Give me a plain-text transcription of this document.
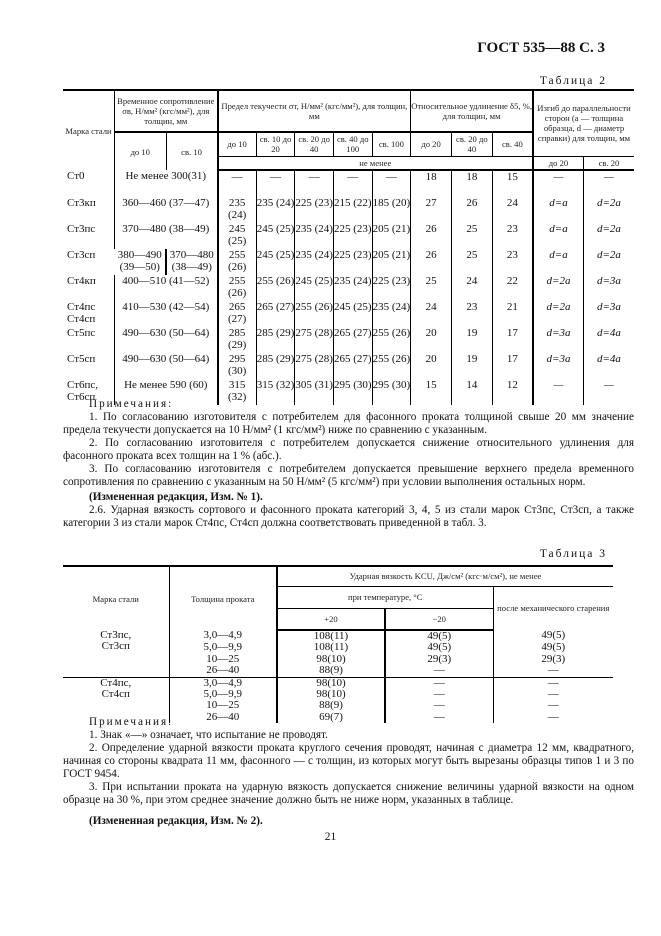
ГОСТ 535—88 С. 3
Таблица 2
Марка стали	Временное сопротивление σв, Н/мм² (кгс/мм²), для толщин, мм		Предел текучести σт, Н/мм² (кгс/мм²), для толщин, мм					Относительное удлинение δ5, %, для толщин, мм			Изгиб до параллельности сторон (a — толщина образца, d — диаметр справки) для толщин, мм	
	до 10	св. 10	до 10	св. 10 до 20	св. 20 до 40	св. 40 до 100	св. 100	до 20	св. 20 до 40	св. 40		
			не менее								до 20	св. 20
Ст0	Не менее 300(31)		—	—	—	—	—	18	18	15	—	—
Ст3кп	360—460 (37—47)		235 (24)	235 (24)	225 (23)	215 (22)	185 (20)	27	26	24	d=a	d=2a
Ст3пс	370—480 (38—49)		245 (25)	245 (25)	235 (24)	225 (23)	205 (21)	26	25	23	d=a	d=2a
Ст3сп	380—490 (39—50)	370—480 (38—49)	255 (26)	245 (25)	235 (24)	225 (23)	205 (21)	26	25	23	d=a	d=2a
Ст4кп	400—510 (41—52)		255 (26)	255 (26)	245 (25)	235 (24)	225 (23)	25	24	22	d=2a	d=3a
Ст4пс Ст4сп	410—530 (42—54)		265 (27)	265 (27)	255 (26)	245 (25)	235 (24)	24	23	21	d=2a	d=3a
Ст5пс	490—630 (50—64)		285 (29)	285 (29)	275 (28)	265 (27)	255 (26)	20	19	17	d=3a	d=4a
Ст5сп	490—630 (50—64)		295 (30)	285 (29)	275 (28)	265 (27)	255 (26)	20	19	17	d=3a	d=4a
Ст6пс, Ст6сп	Не менее 590 (60)		315 (32)	315 (32)	305 (31)	295 (30)	295 (30)	15	14	12	—	—

Примечания:

1. По согласованию изготовителя с потребителем для фасонного проката толщиной свыше 20 мм значение предела текучести допускается на 10 Н/мм² (1 кгс/мм²) ниже по сравнению с указанным.

2. По согласованию изготовителя с потребителем допускается снижение относительного удлинения для фасонного проката всех толщин на 1 % (абс.).

3. По согласованию изготовителя с потребителем допускается превышение верхнего предела временного сопротивления по сравнению с указанным на 50 Н/мм² (5 кгс/мм²) при условии выполнения остальных норм.

(Измененная редакция, Изм. № 1).

2.6. Ударная вязкость сортового и фасонного проката категорий 3, 4, 5 из стали марок Ст3пс, Ст3сп, а также категории 3 из стали марок Ст4пс, Ст4сп должна соответствовать приведенной в табл. 3.

Таблица 3
Марка стали	Толщина проката	Ударная вязкость KCU, Дж/см² (кгс·м/см²), не менее		
		при температуре, °С		после механического старения
		+20	−20	
Ст3пс, Ст3сп	3,0—4,9	108(11)	49(5)	49(5)
	5,0—9,9	108(11)	49(5)	49(5)
	10—25	98(10)	29(3)	29(3)
	26—40	88(9)	—	—
Ст4пс, Ст4сп	3,0—4,9	98(10)	—	—
	5,0—9,9	98(10)	—	—
	10—25	88(9)	—	—
	26—40	69(7)	—	—

Примечания:

1. Знак «—» означает, что испытание не проводят.

2. Определение ударной вязкости проката круглого сечения проводят, начиная с диаметра 12 мм, квадратного, начиная со стороны квадрата 11 мм, фасонного — с толщин, из которых могут быть вырезаны образцы типов 1 и 3 по ГОСТ 9454.

3. При испытании проката на ударную вязкость допускается снижение величины ударной вязкости на одном образце на 30 %, при этом среднее значение должно быть не ниже норм, указанных в таблице.

(Измененная редакция, Изм. № 2).

21
